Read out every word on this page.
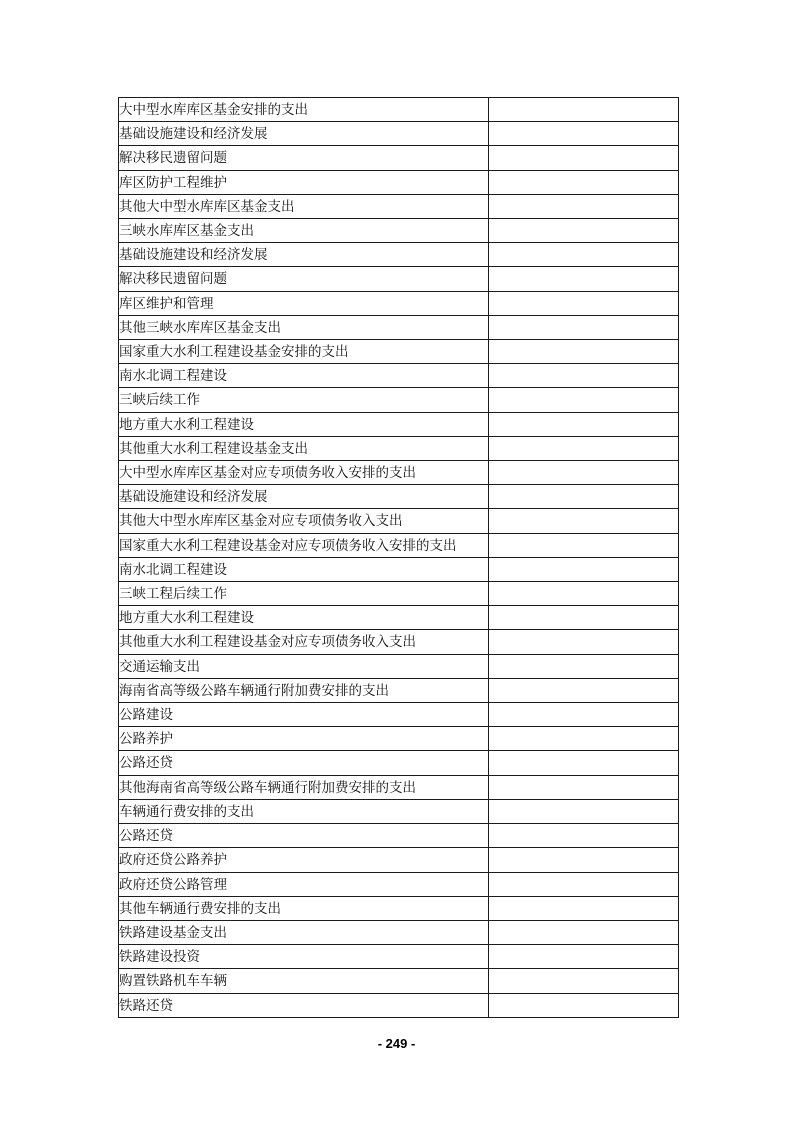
大中型水库库区基金安排的支出	
基础设施建设和经济发展	
解决移民遗留问题	
库区防护工程维护	
其他大中型水库库区基金支出	
三峡水库库区基金支出	
基础设施建设和经济发展	
解决移民遗留问题	
库区维护和管理	
其他三峡水库库区基金支出	
国家重大水利工程建设基金安排的支出	
南水北调工程建设	
三峡后续工作	
地方重大水利工程建设	
其他重大水利工程建设基金支出	
大中型水库库区基金对应专项债务收入安排的支出	
基础设施建设和经济发展	
其他大中型水库库区基金对应专项债务收入支出	
国家重大水利工程建设基金对应专项债务收入安排的支出	
南水北调工程建设	
三峡工程后续工作	
地方重大水利工程建设	
其他重大水利工程建设基金对应专项债务收入支出	
交通运输支出	
海南省高等级公路车辆通行附加费安排的支出	
公路建设	
公路养护	
公路还贷	
其他海南省高等级公路车辆通行附加费安排的支出	
车辆通行费安排的支出	
公路还贷	
政府还贷公路养护	
政府还贷公路管理	
其他车辆通行费安排的支出	
铁路建设基金支出	
铁路建设投资	
购置铁路机车车辆	
铁路还贷	
- 249 -
